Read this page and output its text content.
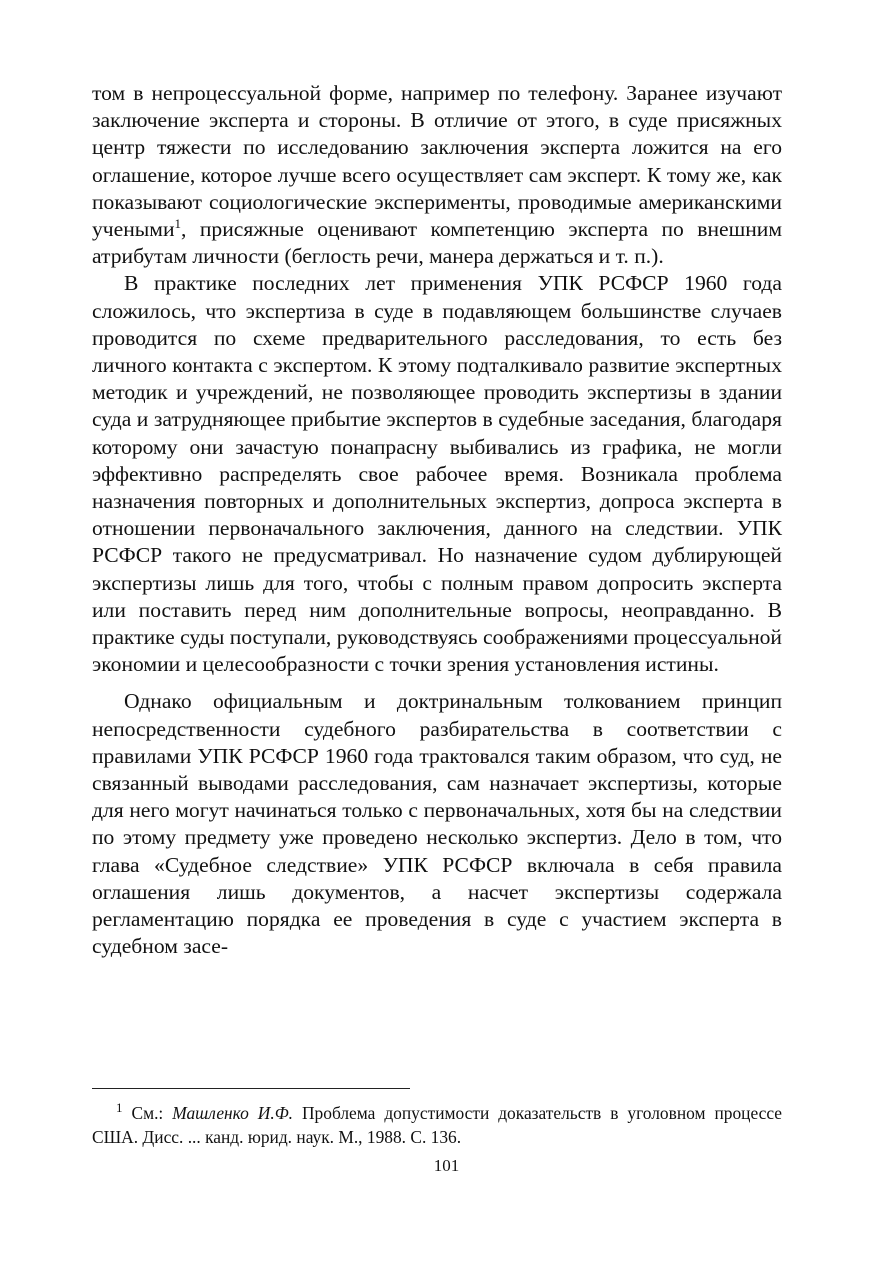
том в непроцессуальной форме, например по телефону. Заранее изучают заключение эксперта и стороны. В отличие от этого, в суде присяжных центр тяжести по исследованию заключения эксперта ложится на его оглашение, которое лучше всего осуществляет сам эксперт. К тому же, как показывают социологические эксперименты, проводимые американскими учеными$^1$, присяжные оценивают компетенцию эксперта по внешним атрибутам личности (беглость речи, манера держаться и т. п.).

В практике последних лет применения УПК РСФСР 1960 года сложилось, что экспертиза в суде в подавляющем большинстве случаев проводится по схеме предварительного расследования, то есть без личного контакта с экспертом. К этому подталкивало развитие экспертных методик и учреждений, не позволяющее проводить экспертизы в здании суда и затрудняющее прибытие экспертов в судебные заседания, благодаря которому они зачастую понапрасну выбивались из графика, не могли эффективно распределять свое рабочее время. Возникала проблема назначения повторных и дополнительных экспертиз, допроса эксперта в отношении первоначального заключения, данного на следствии. УПК РСФСР такого не предусматривал. Но назначение судом дублирующей экспертизы лишь для того, чтобы с полным правом допросить эксперта или поставить перед ним дополнительные вопросы, неоправданно. В практике суды поступали, руководствуясь соображениями процессуальной экономии и целесообразности с точки зрения установления истины.

Однако официальным и доктринальным толкованием принцип непосредственности судебного разбирательства в соответствии с правилами УПК РСФСР 1960 года трактовался таким образом, что суд, не связанный выводами расследования, сам назначает экспертизы, которые для него могут начинаться только с первоначальных, хотя бы на следствии по этому предмету уже проведено несколько экспертиз. Дело в том, что глава «Судебное следствие» УПК РСФСР включала в себя правила оглашения лишь документов, а насчет экспертизы содержала регламентацию порядка ее проведения в суде с участием эксперта в судебном засе-

$^1$ См.: Машленко И.Ф. Проблема допустимости доказательств в уголовном процессе США. Дисс. ... канд. юрид. наук. М., 1988. С. 136.

101
